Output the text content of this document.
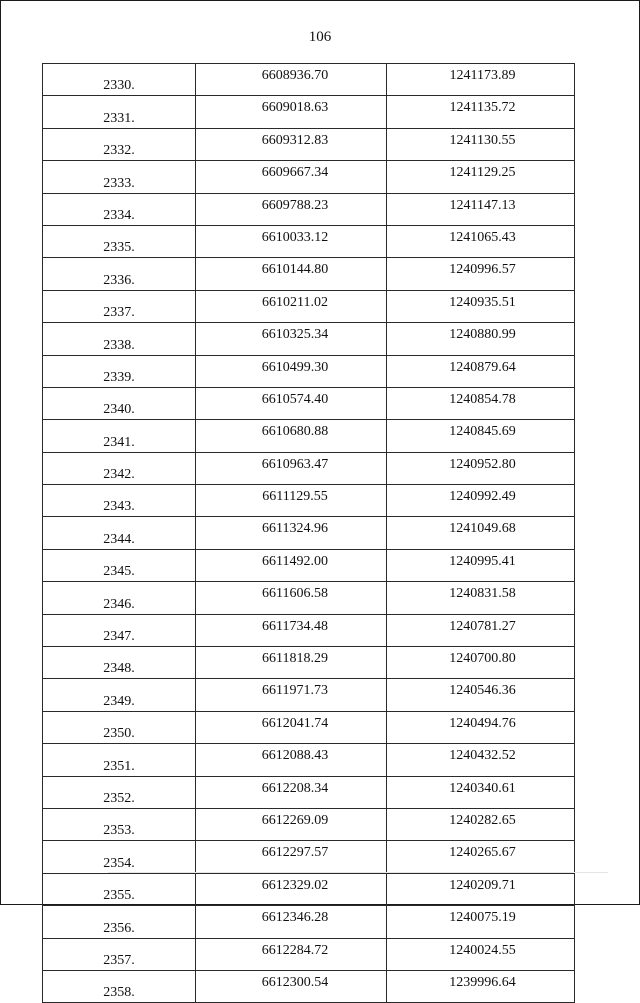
106
2330.	6608936.70	1241173.89
2331.	6609018.63	1241135.72
2332.	6609312.83	1241130.55
2333.	6609667.34	1241129.25
2334.	6609788.23	1241147.13
2335.	6610033.12	1241065.43
2336.	6610144.80	1240996.57
2337.	6610211.02	1240935.51
2338.	6610325.34	1240880.99
2339.	6610499.30	1240879.64
2340.	6610574.40	1240854.78
2341.	6610680.88	1240845.69
2342.	6610963.47	1240952.80
2343.	6611129.55	1240992.49
2344.	6611324.96	1241049.68
2345.	6611492.00	1240995.41
2346.	6611606.58	1240831.58
2347.	6611734.48	1240781.27
2348.	6611818.29	1240700.80
2349.	6611971.73	1240546.36
2350.	6612041.74	1240494.76
2351.	6612088.43	1240432.52
2352.	6612208.34	1240340.61
2353.	6612269.09	1240282.65
2354.	6612297.57	1240265.67
2355.	6612329.02	1240209.71
2356.	6612346.28	1240075.19
2357.	6612284.72	1240024.55
2358.	6612300.54	1239996.64
